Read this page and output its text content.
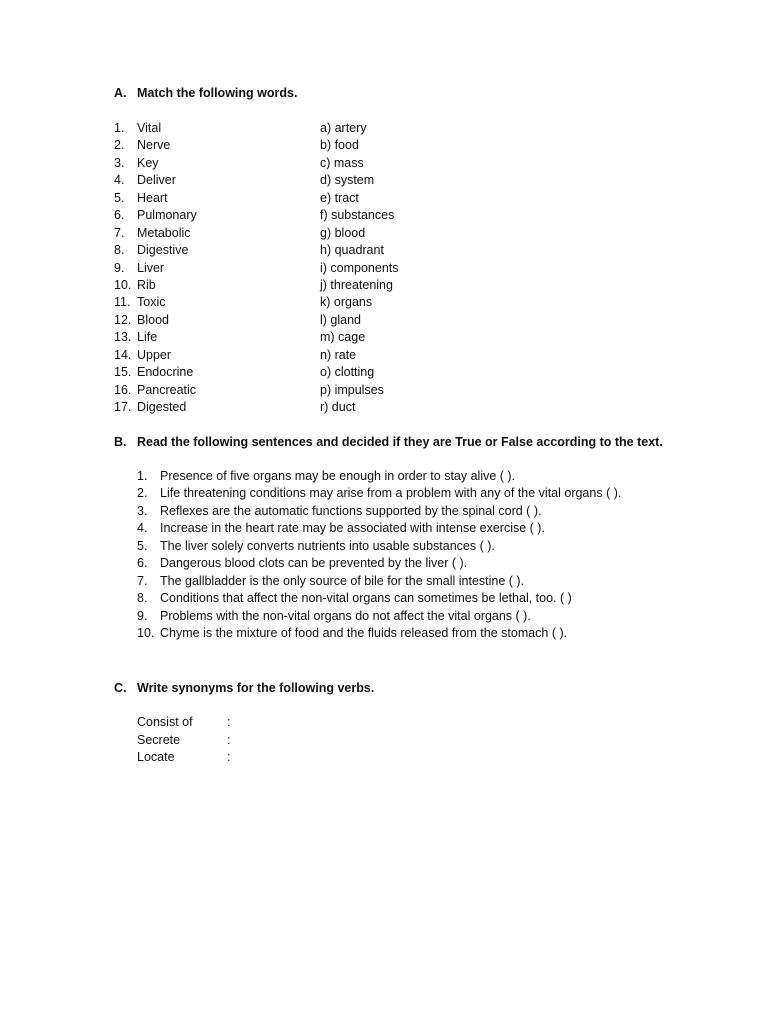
A. Match the following words.
1.	Vital	a) artery
2.	Nerve	b) food
3.	Key	c) mass
4.	Deliver	d) system
5.	Heart	e) tract
6.	Pulmonary	f) substances
7.	Metabolic	g) blood
8.	Digestive	h) quadrant
9.	Liver	i) components
10. Rib	j) threatening
11. Toxic	k) organs
12. Blood	l) gland
13. Life	m) cage
14. Upper	n) rate
15. Endocrine	o) clotting
16. Pancreatic	p) impulses
17. Digested	r) duct
B. Read the following sentences and decided if they are True or False according to the text.
1.	Presence of five organs may be enough in order to stay alive ( ).
2.	Life threatening conditions may arise from a problem with any of the vital organs ( ).
3.	Reflexes are the automatic functions supported by the spinal cord ( ).
4.	Increase in the heart rate may be associated with intense exercise ( ).
5.	The liver solely converts nutrients into usable substances ( ).
6.	Dangerous blood clots can be prevented by the liver ( ).
7.	The gallbladder is the only source of bile for the small intestine ( ).
8.	Conditions that affect the non-vital organs can sometimes be lethal, too. ( )
9.	Problems with the non-vital organs do not affect the vital organs ( ).
10. Chyme is the mixture of food and the fluids released from the stomach ( ).
C. Write synonyms for the following verbs.
Consist of	:
Secrete	:
Locate	:
